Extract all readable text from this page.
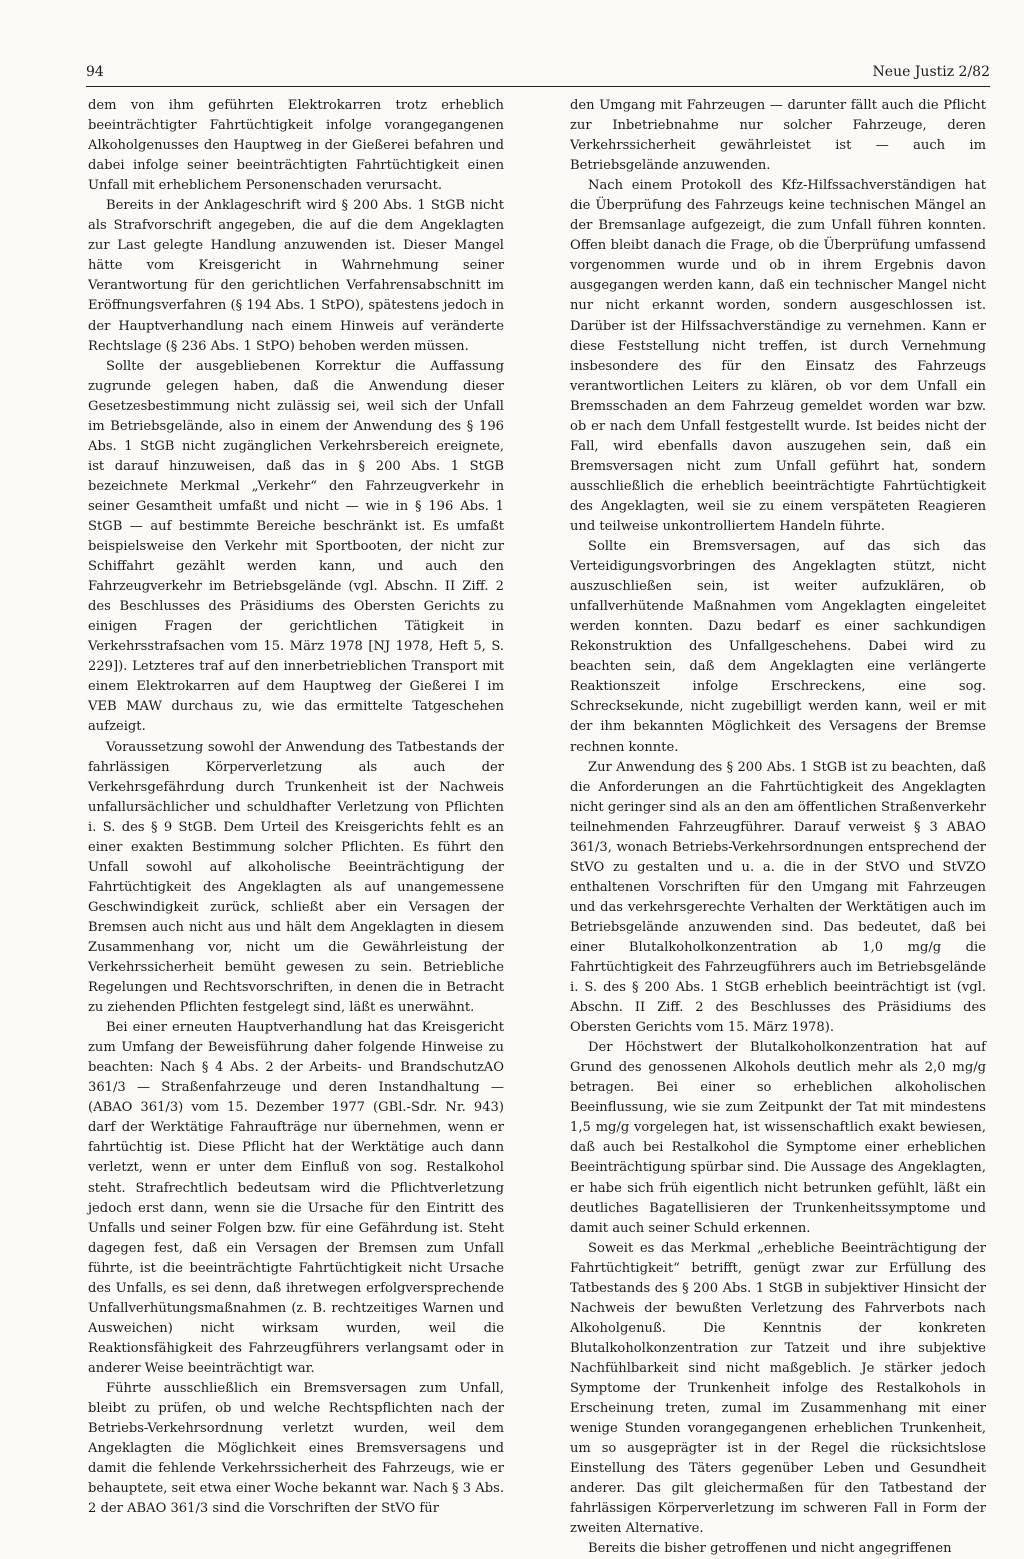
94	Neue Justiz 2/82

dem von ihm geführten Elektrokarren trotz erheblich beeinträchtigter Fahrtüchtigkeit infolge vorangegangenen Alkoholgenusses den Hauptweg in der Gießerei befahren und dabei infolge seiner beeinträchtigten Fahrtüchtigkeit einen Unfall mit erheblichem Personenschaden verursacht.

Bereits in der Anklageschrift wird § 200 Abs. 1 StGB nicht als Strafvorschrift angegeben, die auf die dem Angeklagten zur Last gelegte Handlung anzuwenden ist. Dieser Mangel hätte vom Kreisgericht in Wahrnehmung seiner Verantwortung für den gerichtlichen Verfahrensabschnitt im Eröffnungsverfahren (§ 194 Abs. 1 StPO), spätestens jedoch in der Hauptverhandlung nach einem Hinweis auf veränderte Rechtslage (§ 236 Abs. 1 StPO) behoben werden müssen.

Sollte der ausgebliebenen Korrektur die Auffassung zugrunde gelegen haben, daß die Anwendung dieser Gesetzesbestimmung nicht zulässig sei, weil sich der Unfall im Betriebsgelände, also in einem der Anwendung des § 196 Abs. 1 StGB nicht zugänglichen Verkehrsbereich ereignete, ist darauf hinzuweisen, daß das in § 200 Abs. 1 StGB bezeichnete Merkmal „Verkehr“ den Fahrzeugverkehr in seiner Gesamtheit umfaßt und nicht — wie in § 196 Abs. 1 StGB — auf bestimmte Bereiche beschränkt ist. Es umfaßt beispielsweise den Verkehr mit Sportbooten, der nicht zur Schiffahrt gezählt werden kann, und auch den Fahrzeugverkehr im Betriebsgelände (vgl. Abschn. II Ziff. 2 des Beschlusses des Präsidiums des Obersten Gerichts zu einigen Fragen der gerichtlichen Tätigkeit in Verkehrsstrafsachen vom 15. März 1978 [NJ 1978, Heft 5, S. 229]). Letzteres traf auf den innerbetrieblichen Transport mit einem Elektrokarren auf dem Hauptweg der Gießerei I im VEB MAW durchaus zu, wie das ermittelte Tatgeschehen aufzeigt.

Voraussetzung sowohl der Anwendung des Tatbestands der fahrlässigen Körperverletzung als auch der Verkehrsgefährdung durch Trunkenheit ist der Nachweis unfallursächlicher und schuldhafter Verletzung von Pflichten i. S. des § 9 StGB. Dem Urteil des Kreisgerichts fehlt es an einer exakten Bestimmung solcher Pflichten. Es führt den Unfall sowohl auf alkoholische Beeinträchtigung der Fahrtüchtigkeit des Angeklagten als auf unangemessene Geschwindigkeit zurück, schließt aber ein Versagen der Bremsen auch nicht aus und hält dem Angeklagten in diesem Zusammenhang vor, nicht um die Gewährleistung der Verkehrssicherheit bemüht gewesen zu sein. Betriebliche Regelungen und Rechtsvorschriften, in denen die in Betracht zu ziehenden Pflichten festgelegt sind, läßt es unerwähnt.

Bei einer erneuten Hauptverhandlung hat das Kreisgericht zum Umfang der Beweisführung daher folgende Hinweise zu beachten: Nach § 4 Abs. 2 der Arbeits- und BrandschutzAO 361/3 — Straßenfahrzeuge und deren Instandhaltung — (ABAO 361/3) vom 15. Dezember 1977 (GBl.-Sdr. Nr. 943) darf der Werktätige Fahraufträge nur übernehmen, wenn er fahrtüchtig ist. Diese Pflicht hat der Werktätige auch dann verletzt, wenn er unter dem Einfluß von sog. Restalkohol steht. Strafrechtlich bedeutsam wird die Pflichtverletzung jedoch erst dann, wenn sie die Ursache für den Eintritt des Unfalls und seiner Folgen bzw. für eine Gefährdung ist. Steht dagegen fest, daß ein Versagen der Bremsen zum Unfall führte, ist die beeinträchtigte Fahrtüchtigkeit nicht Ursache des Unfalls, es sei denn, daß ihretwegen erfolgversprechende Unfallverhütungsmaßnahmen (z. B. rechtzeitiges Warnen und Ausweichen) nicht wirksam wurden, weil die Reaktionsfähigkeit des Fahrzeugführers verlangsamt oder in anderer Weise beeinträchtigt war.

Führte ausschließlich ein Bremsversagen zum Unfall, bleibt zu prüfen, ob und welche Rechtspflichten nach der Betriebs-Verkehrsordnung verletzt wurden, weil dem Angeklagten die Möglichkeit eines Bremsversagens und damit die fehlende Verkehrssicherheit des Fahrzeugs, wie er behauptete, seit etwa einer Woche bekannt war. Nach § 3 Abs. 2 der ABAO 361/3 sind die Vorschriften der StVO für

den Umgang mit Fahrzeugen — darunter fällt auch die Pflicht zur Inbetriebnahme nur solcher Fahrzeuge, deren Verkehrssicherheit gewährleistet ist — auch im Betriebsgelände anzuwenden.

Nach einem Protokoll des Kfz-Hilfssachverständigen hat die Überprüfung des Fahrzeugs keine technischen Mängel an der Bremsanlage aufgezeigt, die zum Unfall führen konnten. Offen bleibt danach die Frage, ob die Überprüfung umfassend vorgenommen wurde und ob in ihrem Ergebnis davon ausgegangen werden kann, daß ein technischer Mangel nicht nur nicht erkannt worden, sondern ausgeschlossen ist. Darüber ist der Hilfssachverständige zu vernehmen. Kann er diese Feststellung nicht treffen, ist durch Vernehmung insbesondere des für den Einsatz des Fahrzeugs verantwortlichen Leiters zu klären, ob vor dem Unfall ein Bremsschaden an dem Fahrzeug gemeldet worden war bzw. ob er nach dem Unfall festgestellt wurde. Ist beides nicht der Fall, wird ebenfalls davon auszugehen sein, daß ein Bremsversagen nicht zum Unfall geführt hat, sondern ausschließlich die erheblich beeinträchtigte Fahrtüchtigkeit des Angeklagten, weil sie zu einem verspäteten Reagieren und teilweise unkontrolliertem Handeln führte.

Sollte ein Bremsversagen, auf das sich das Verteidigungsvorbringen des Angeklagten stützt, nicht auszuschließen sein, ist weiter aufzuklären, ob unfallverhütende Maßnahmen vom Angeklagten eingeleitet werden konnten. Dazu bedarf es einer sachkundigen Rekonstruktion des Unfallgeschehens. Dabei wird zu beachten sein, daß dem Angeklagten eine verlängerte Reaktionszeit infolge Erschreckens, eine sog. Schrecksekunde, nicht zugebilligt werden kann, weil er mit der ihm bekannten Möglichkeit des Versagens der Bremse rechnen konnte.

Zur Anwendung des § 200 Abs. 1 StGB ist zu beachten, daß die Anforderungen an die Fahrtüchtigkeit des Angeklagten nicht geringer sind als an den am öffentlichen Straßenverkehr teilnehmenden Fahrzeugführer. Darauf verweist § 3 ABAO 361/3, wonach Betriebs-Verkehrsordnungen entsprechend der StVO zu gestalten und u. a. die in der StVO und StVZO enthaltenen Vorschriften für den Umgang mit Fahrzeugen und das verkehrsgerechte Verhalten der Werktätigen auch im Betriebsgelände anzuwenden sind. Das bedeutet, daß bei einer Blutalkoholkonzentration ab 1,0 mg/g die Fahrtüchtigkeit des Fahrzeugführers auch im Betriebsgelände i. S. des § 200 Abs. 1 StGB erheblich beeinträchtigt ist (vgl. Abschn. II Ziff. 2 des Beschlusses des Präsidiums des Obersten Gerichts vom 15. März 1978).

Der Höchstwert der Blutalkoholkonzentration hat auf Grund des genossenen Alkohols deutlich mehr als 2,0 mg/g betragen. Bei einer so erheblichen alkoholischen Beeinflussung, wie sie zum Zeitpunkt der Tat mit mindestens 1,5 mg/g vorgelegen hat, ist wissenschaftlich exakt bewiesen, daß auch bei Restalkohol die Symptome einer erheblichen Beeinträchtigung spürbar sind. Die Aussage des Angeklagten, er habe sich früh eigentlich nicht betrunken gefühlt, läßt ein deutliches Bagatellisieren der Trunkenheitssymptome und damit auch seiner Schuld erkennen.

Soweit es das Merkmal „erhebliche Beeinträchtigung der Fahrtüchtigkeit“ betrifft, genügt zwar zur Erfüllung des Tatbestands des § 200 Abs. 1 StGB in subjektiver Hinsicht der Nachweis der bewußten Verletzung des Fahrverbots nach Alkoholgenuß. Die Kenntnis der konkreten Blutalkoholkonzentration zur Tatzeit und ihre subjektive Nachfühlbarkeit sind nicht maßgeblich. Je stärker jedoch Symptome der Trunkenheit infolge des Restalkohols in Erscheinung treten, zumal im Zusammenhang mit einer wenige Stunden vorangegangenen erheblichen Trunkenheit, um so ausgeprägter ist in der Regel die rücksichtslose Einstellung des Täters gegenüber Leben und Gesundheit anderer. Das gilt gleichermaßen für den Tatbestand der fahrlässigen Körperverletzung im schweren Fall in Form der zweiten Alternative.

Bereits die bisher getroffenen und nicht angegriffenen
